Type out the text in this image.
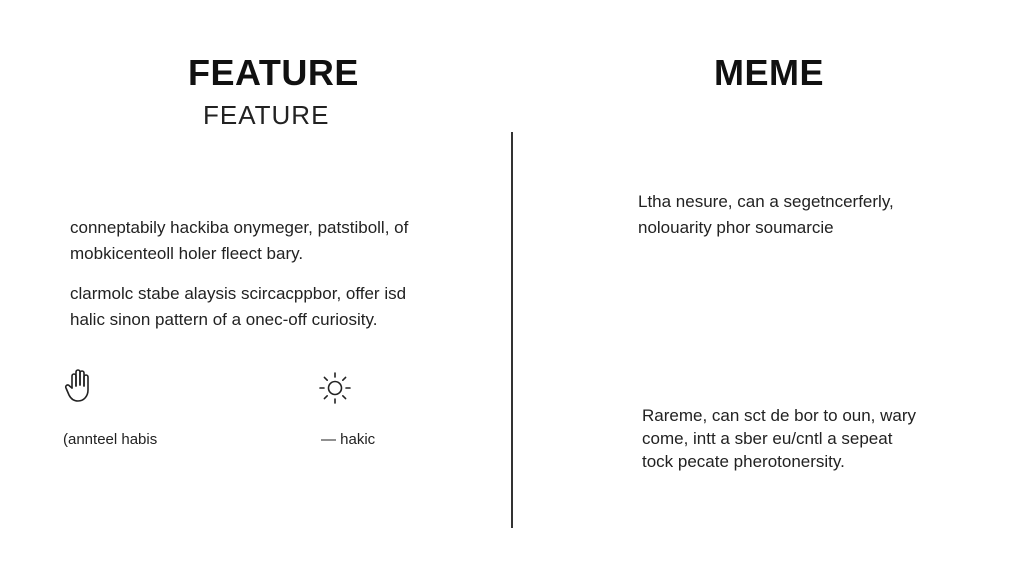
FEATURE
FEATURE
conneptabily hackiba onymeger, patstiboll, of
mobkicenteoll holer fleect bary.
clarmolc stabe alaysis scircacppbor, offer isd
halic sinon pattern of a onec-off curiosity.
(annteel habis	— hakic
MEME
Ltha nesure, can a segetncerferly,
nolouarity phor soumarcie
Rareme, can sct de bor to oun, wary
come, intt a sber eu/cntl a sepeat
tock pecate pherotonersity.
